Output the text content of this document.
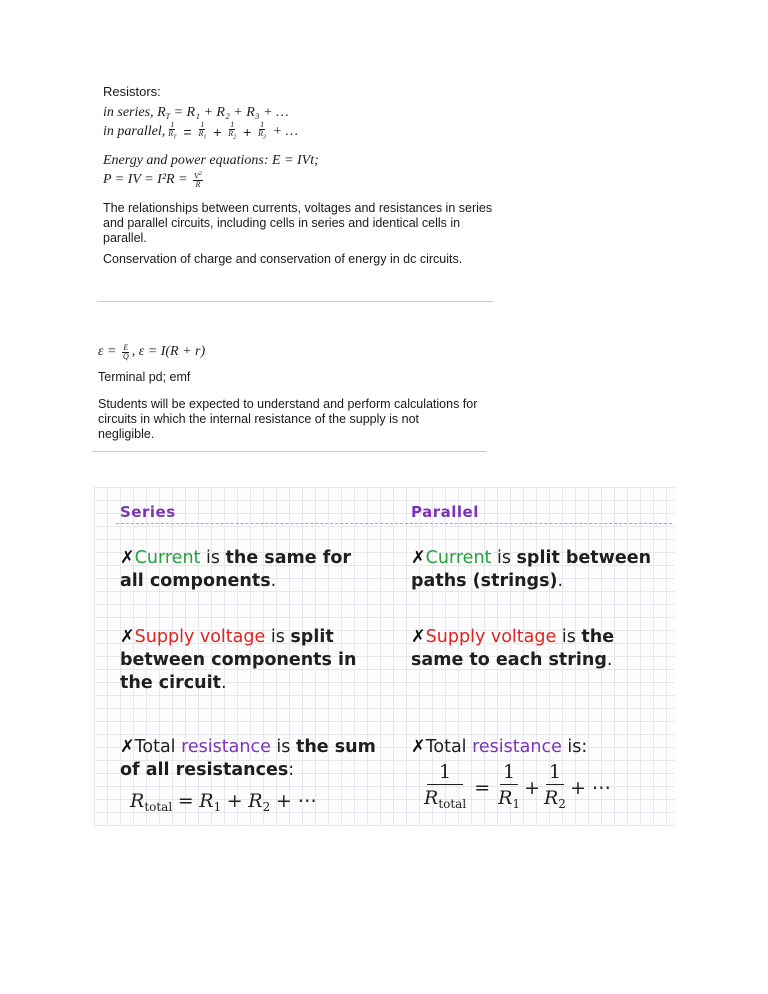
Resistors:
in series,
$R_T$
= R₁ + R₂ + R₃ + …
in parallel, $\frac{1}{R_T} = \frac{1}{R_1} + \frac{1}{R_2} + \frac{1}{R_3}$
+ …
Energy and power equations:
E = IVt;
P = IV = I²R =
$\frac{V^2}{R}$
The relationships between currents, voltages and resistances in series and parallel circuits, including cells in series and identical cells in parallel.
Conservation of charge and conservation of energy in dc circuits.
ε =
$\frac{E}{Q}$ , ε = I(R + r)
Terminal pd; emf
Students will be expected to understand and perform calculations for circuits in which the internal resistance of the supply is not negligible.
Series	Parallel
✗Current is the same for all components.
✗Supply voltage is split between components in the circuit.
✗Total resistance is the sum of all resistances:
$R_{total} = R_1 + R_2$ + ⋯
✗Current is split between paths (strings).
✗Supply voltage is the same to each string.
✗Total resistance is:
$\frac{1}{R_{total}} = \frac{1}{R_1} + \frac{1}{R_2}$ + ⋯
